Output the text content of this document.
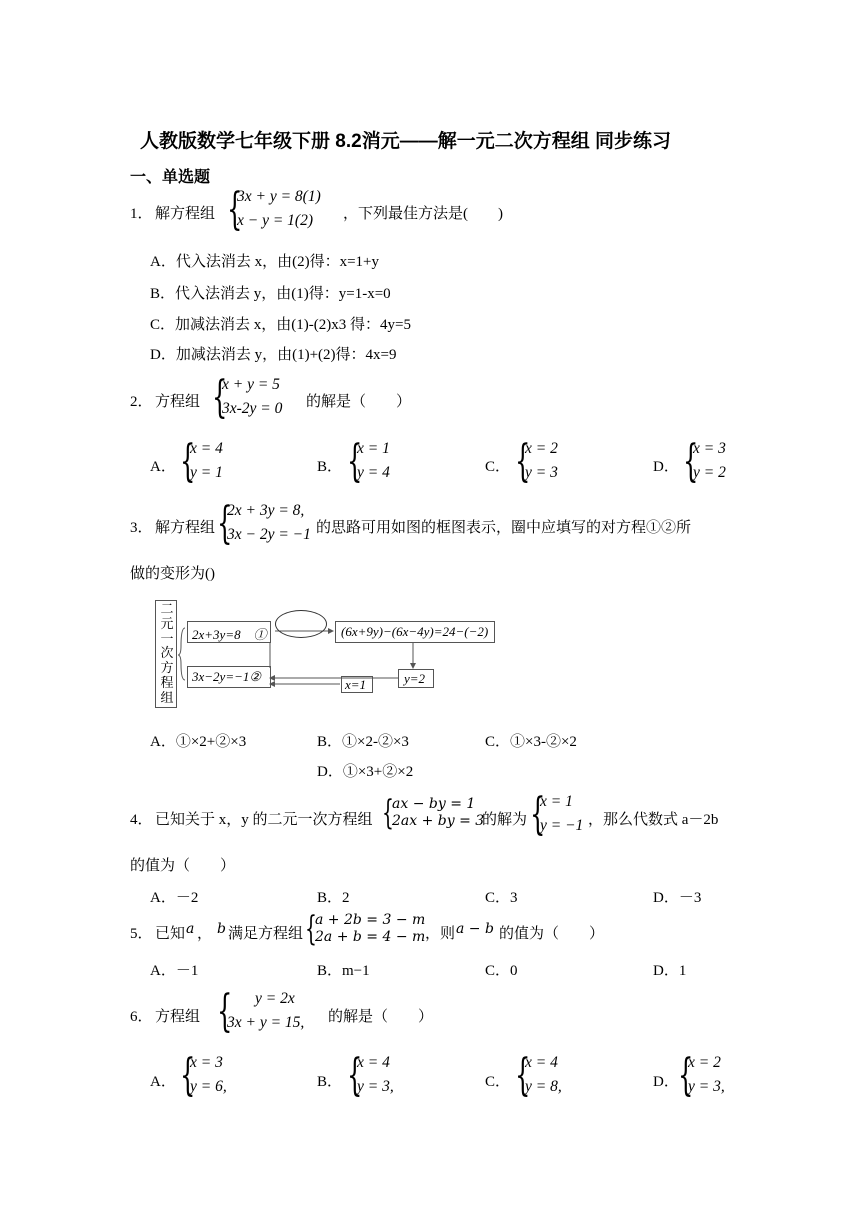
人教版数学七年级下册 8.2消元——解一元二次方程组 同步练习
一、单选题
1． 解方程组 {
3x + y = 8(1)
x − y = 1(2) ，下列最佳方法是(　　)
A．代入法消去 x，由(2)得：x=1+y
B．代入法消去 y，由(1)得：y=1-x=0
C．加减法消去 x，由(1)-(2)x3 得：4y=5
D．加减法消去 y，由(1)+(2)得：4x=9
2． 方程组 {
x + y = 5
3x-2y = 0 的解是（　　）
A． {
x = 4
y = 1	B． {
x = 1
y = 4	C． {
x = 2
y = 3	D． {
x = 3
y = 2
3． 解方程组 {
2x + 3y = 8,
3x − 2y = −1 的思路可用如图的框图表示，圈中应填写的对方程①②所
做的变形为()
二
元
一
次
方
程
组
2x+3y=8　①	(6x+9y)−(6x−4y)=24−(−2)
3x−2y=−1②	y=2
x=1
A．①×2+②×3	B．①×2-②×3	C．①×3-②×2
D．①×3+②×2
4． 已知关于 x，y 的二元一次方程组 {
ax − by = 1
2ax + by = 3
的解为 {
x = 1
y = −1 ，那么代数式 a－2b
的值为（　　）
A．－2	B．2	C．3	D．－3
5． 已知 a ， b 满足方程组 {
a + 2b = 3 − m
2a + b = 4 − m ，则 a − b 的值为（　　）
A．－1	B．m−1	C．0	D．1
6． 方程组 { y = 2x
3x + y = 15, 的解是（　　）
A． {
x = 3
y = 6,	B． {
x = 4
y = 3,	C． {
x = 4
y = 8,	D． {
x = 2
y = 3,
